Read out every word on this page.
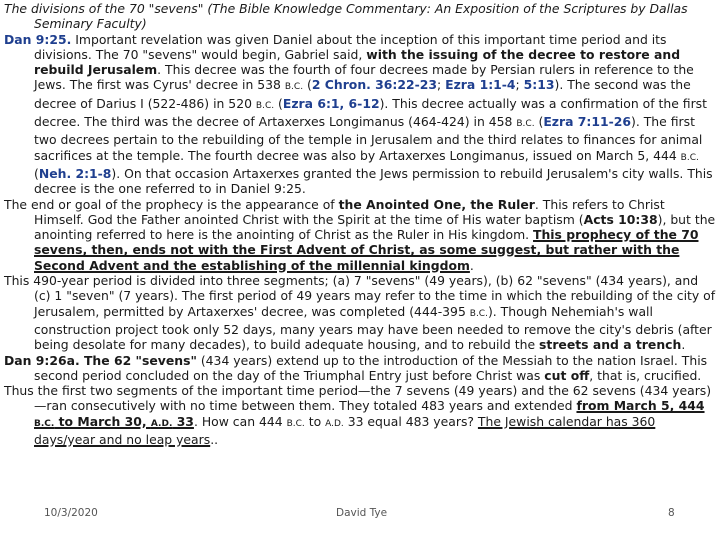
The divisions of the 70 "sevens" (The Bible Knowledge Commentary: An Exposition of the Scriptures by Dallas Seminary Faculty)

Dan 9:25. Important revelation was given Daniel about the inception of this important time period and its divisions. The 70 "sevens" would begin, Gabriel said, with the issuing of the decree to restore and rebuild Jerusalem. This decree was the fourth of four decrees made by Persian rulers in reference to the Jews. The first was Cyrus' decree in 538 B.C. (2 Chron. 36:22-23; Ezra 1:1-4; 5:13). The second was the decree of Darius I (522-486) in 520 B.C. (Ezra 6:1, 6-12). This decree actually was a confirmation of the first decree. The third was the decree of Artaxerxes Longimanus (464-424) in 458 B.C. (Ezra 7:11-26). The first two decrees pertain to the rebuilding of the temple in Jerusalem and the third relates to finances for animal sacrifices at the temple. The fourth decree was also by Artaxerxes Longimanus, issued on March 5, 444 B.C. (Neh. 2:1-8). On that occasion Artaxerxes granted the Jews permission to rebuild Jerusalem's city walls. This decree is the one referred to in Daniel 9:25.

The end or goal of the prophecy is the appearance of the Anointed One, the Ruler. This refers to Christ Himself. God the Father anointed Christ with the Spirit at the time of His water baptism (Acts 10:38), but the anointing referred to here is the anointing of Christ as the Ruler in His kingdom. This prophecy of the 70 sevens, then, ends not with the First Advent of Christ, as some suggest, but rather with the Second Advent and the establishing of the millennial kingdom.

This 490-year period is divided into three segments; (a) 7 "sevens" (49 years), (b) 62 "sevens" (434 years), and (c) 1 "seven" (7 years). The first period of 49 years may refer to the time in which the rebuilding of the city of Jerusalem, permitted by Artaxerxes' decree, was completed (444-395 B.C.). Though Nehemiah's wall construction project took only 52 days, many years may have been needed to remove the city's debris (after being desolate for many decades), to build adequate housing, and to rebuild the streets and a trench.

Dan 9:26a. The 62 "sevens" (434 years) extend up to the introduction of the Messiah to the nation Israel. This second period concluded on the day of the Triumphal Entry just before Christ was cut off, that is, crucified.

Thus the first two segments of the important time period—the 7 sevens (49 years) and the 62 sevens (434 years)—ran consecutively with no time between them. They totaled 483 years and extended from March 5, 444 B.C. to March 30, A.D. 33. How can 444 B.C. to A.D. 33 equal 483 years? The Jewish calendar has 360 days/year and no leap years..

10/3/2020	David Tye	8
